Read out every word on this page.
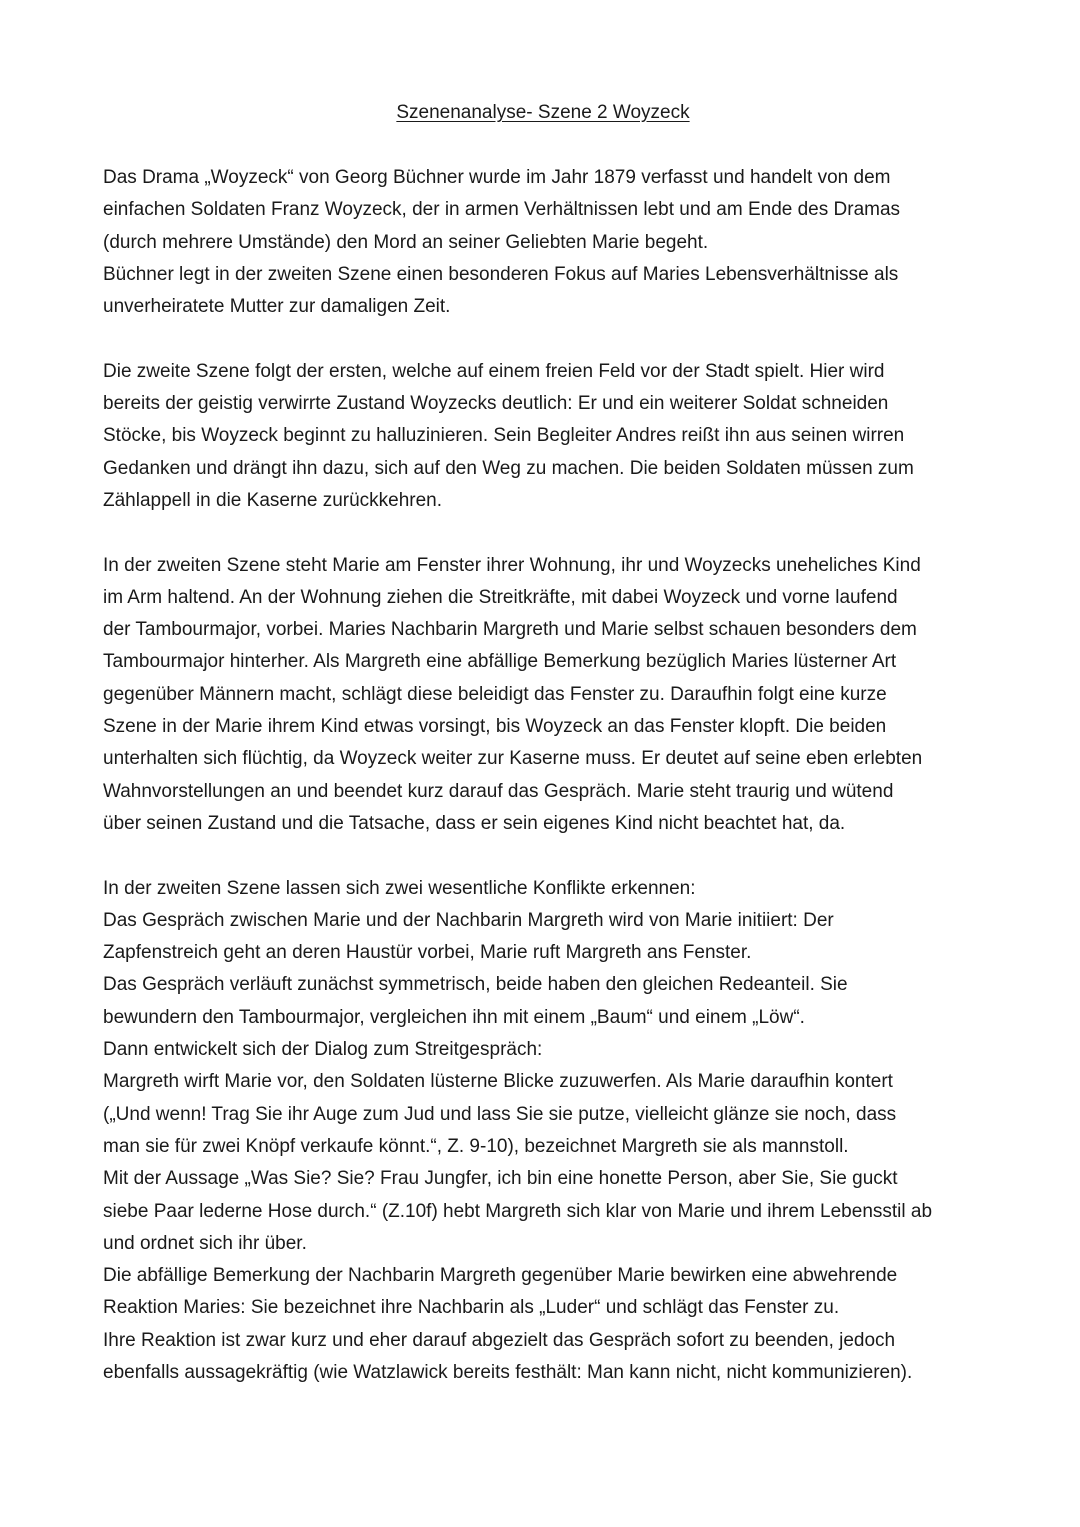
Szenenanalyse- Szene 2 Woyzeck
Das Drama „Woyzeck“ von Georg Büchner wurde im Jahr 1879 verfasst und handelt von dem
einfachen Soldaten Franz Woyzeck, der in armen Verhältnissen lebt und am Ende des Dramas
(durch mehrere Umstände) den Mord an seiner Geliebten Marie begeht.
Büchner legt in der zweiten Szene einen besonderen Fokus auf Maries Lebensverhältnisse als
unverheiratete Mutter zur damaligen Zeit.
Die zweite Szene folgt der ersten, welche auf einem freien Feld vor der Stadt spielt. Hier wird
bereits der geistig verwirrte Zustand Woyzecks deutlich: Er und ein weiterer Soldat schneiden
Stöcke, bis Woyzeck beginnt zu halluzinieren. Sein Begleiter Andres reißt ihn aus seinen wirren
Gedanken und drängt ihn dazu, sich auf den Weg zu machen. Die beiden Soldaten müssen zum
Zählappell in die Kaserne zurückkehren.
In der zweiten Szene steht Marie am Fenster ihrer Wohnung, ihr und Woyzecks uneheliches Kind
im Arm haltend. An der Wohnung ziehen die Streitkräfte, mit dabei Woyzeck und vorne laufend
der Tambourmajor, vorbei. Maries Nachbarin Margreth und Marie selbst schauen besonders dem
Tambourmajor hinterher. Als Margreth eine abfällige Bemerkung bezüglich Maries lüsterner Art
gegenüber Männern macht, schlägt diese beleidigt das Fenster zu. Daraufhin folgt eine kurze
Szene in der Marie ihrem Kind etwas vorsingt, bis Woyzeck an das Fenster klopft. Die beiden
unterhalten sich flüchtig, da Woyzeck weiter zur Kaserne muss. Er deutet auf seine eben erlebten
Wahnvorstellungen an und beendet kurz darauf das Gespräch. Marie steht traurig und wütend
über seinen Zustand und die Tatsache, dass er sein eigenes Kind nicht beachtet hat, da.
In der zweiten Szene lassen sich zwei wesentliche Konflikte erkennen:
Das Gespräch zwischen Marie und der Nachbarin Margreth wird von Marie initiiert: Der
Zapfenstreich geht an deren Haustür vorbei, Marie ruft Margreth ans Fenster.
Das Gespräch verläuft zunächst symmetrisch, beide haben den gleichen Redeanteil. Sie
bewundern den Tambourmajor, vergleichen ihn mit einem „Baum“ und einem „Löw“.
Dann entwickelt sich der Dialog zum Streitgespräch:
Margreth wirft Marie vor, den Soldaten lüsterne Blicke zuzuwerfen. Als Marie daraufhin kontert
(„Und wenn! Trag Sie ihr Auge zum Jud und lass Sie sie putze, vielleicht glänze sie noch, dass
man sie für zwei Knöpf verkaufe könnt.“, Z. 9-10), bezeichnet Margreth sie als mannstoll.
Mit der Aussage „Was Sie? Sie? Frau Jungfer, ich bin eine honette Person, aber Sie, Sie guckt
siebe Paar lederne Hose durch.“ (Z.10f) hebt Margreth sich klar von Marie und ihrem Lebensstil ab
und ordnet sich ihr über.
Die abfällige Bemerkung der Nachbarin Margreth gegenüber Marie bewirken eine abwehrende
Reaktion Maries: Sie bezeichnet ihre Nachbarin als „Luder“ und schlägt das Fenster zu.
Ihre Reaktion ist zwar kurz und eher darauf abgezielt das Gespräch sofort zu beenden, jedoch
ebenfalls aussagekräftig (wie Watzlawick bereits festhält: Man kann nicht, nicht kommunizieren).
